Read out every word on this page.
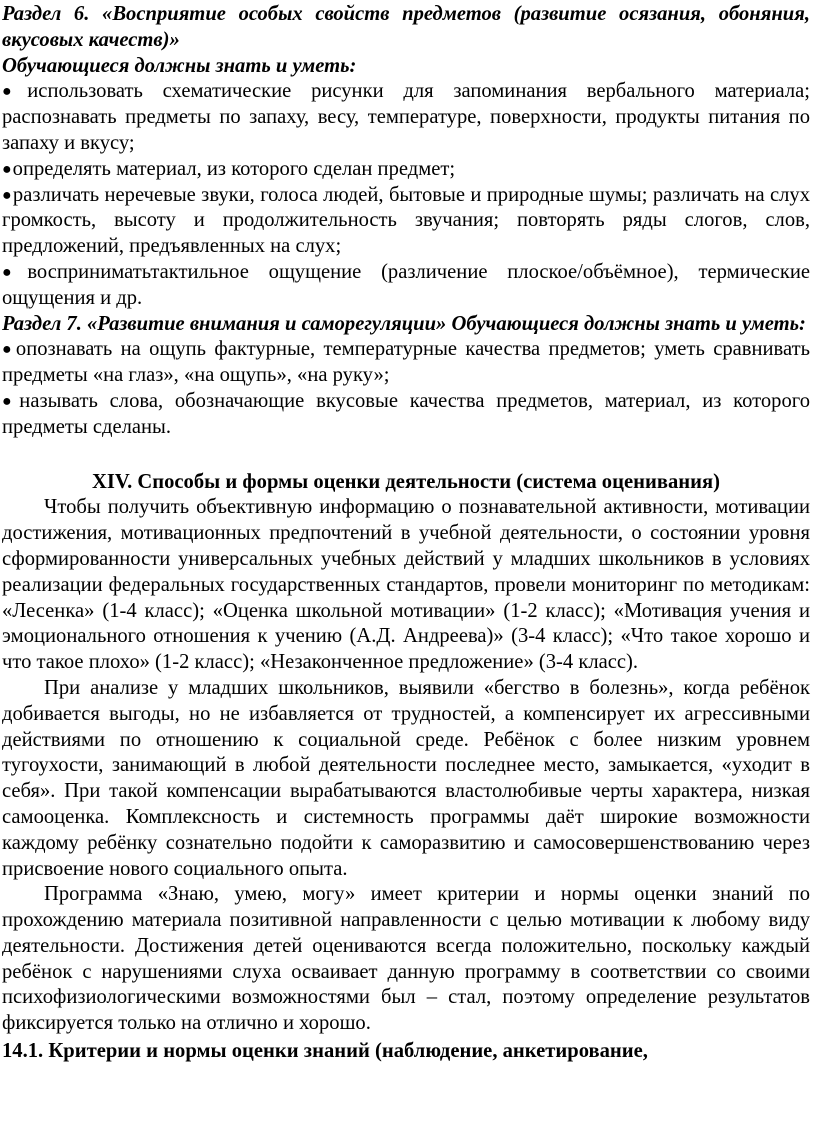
Раздел 6. «Восприятие особых свойств предметов (развитие осязания, обоняния, вкусовых качеств)»

Обучающиеся должны знать и уметь:

●использовать схематические рисунки для запоминания вербального материала; распознавать предметы по запаху, весу, температуре, поверхности, продукты питания по запаху и вкусу;

●определять материал, из которого сделан предмет;

●различать неречевые звуки, голоса людей, бытовые и природные шумы; различать на слух громкость, высоту и продолжительность звучания; повторять ряды слогов, слов, предложений, предъявленных на слух;

●восприниматьтактильное ощущение (различение плоское/объёмное), термические ощущения и др.

Раздел 7. «Развитие внимания и саморегуляции» Обучающиеся должны знать и уметь:

●опознавать на ощупь фактурные, температурные качества предметов; уметь сравнивать предметы «на глаз», «на ощупь», «на руку»;

●называть слова, обозначающие вкусовые качества предметов, материал, из которого предметы сделаны.

XIV. Способы и формы оценки деятельности (система оценивания)

Чтобы получить объективную информацию о познавательной активности, мотивации достижения, мотивационных предпочтений в учебной деятельности, о состоянии уровня сформированности универсальных учебных действий у младших школьников в условиях реализации федеральных государственных стандартов, провели мониторинг по методикам: «Лесенка» (1-4 класс); «Оценка школьной мотивации» (1-2 класс); «Мотивация учения и эмоционального отношения к учению (А.Д. Андреева)» (3-4 класс); «Что такое хорошо и что такое плохо» (1-2 класс); «Незаконченное предложение» (3-4 класс).

При анализе у младших школьников, выявили «бегство в болезнь», когда ребёнок добивается выгоды, но не избавляется от трудностей, а компенсирует их агрессивными действиями по отношению к социальной среде. Ребёнок с более низким уровнем тугоухости, занимающий в любой деятельности последнее место, замыкается, «уходит в себя». При такой компенсации вырабатываются властолюбивые черты характера, низкая самооценка. Комплексность и системность программы даёт широкие возможности каждому ребёнку сознательно подойти к саморазвитию и самосовершенствованию через присвоение нового социального опыта.

Программа «Знаю, умею, могу» имеет критерии и нормы оценки знаний по прохождению материала позитивной направленности с целью мотивации к любому виду деятельности. Достижения детей оцениваются всегда положительно, поскольку каждый ребёнок с нарушениями слуха осваивает данную программу в соответствии со своими психофизиологическими возможностями был – стал, поэтому определение результатов фиксируется только на отлично и хорошо.

14.1. Критерии и нормы оценки знаний (наблюдение, анкетирование,
